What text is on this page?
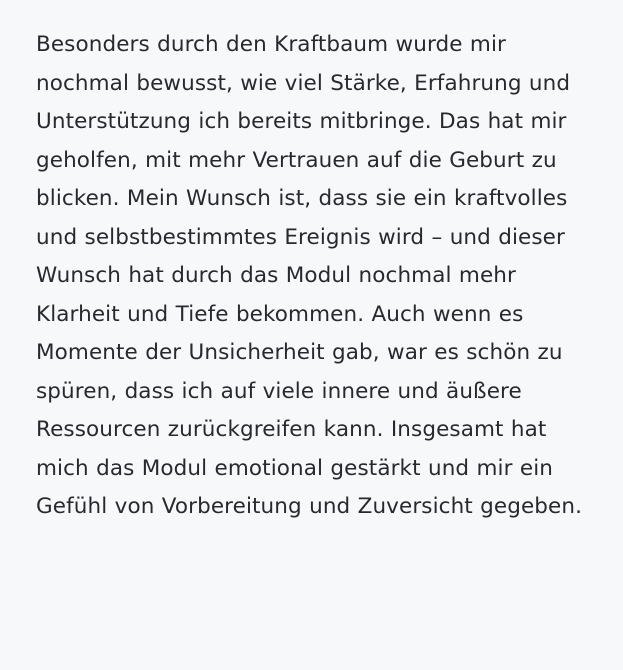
Besonders durch den Kraftbaum wurde mir nochmal bewusst, wie viel Stärke, Erfahrung und Unterstützung ich bereits mitbringe. Das hat mir geholfen, mit mehr Vertrauen auf die Geburt zu blicken. Mein Wunsch ist, dass sie ein kraftvolles und selbstbestimmtes Ereignis wird – und dieser Wunsch hat durch das Modul nochmal mehr Klarheit und Tiefe bekommen. Auch wenn es Momente der Unsicherheit gab, war es schön zu spüren, dass ich auf viele innere und äußere Ressourcen zurückgreifen kann. Insgesamt hat mich das Modul emotional gestärkt und mir ein Gefühl von Vorbereitung und Zuversicht gegeben.
